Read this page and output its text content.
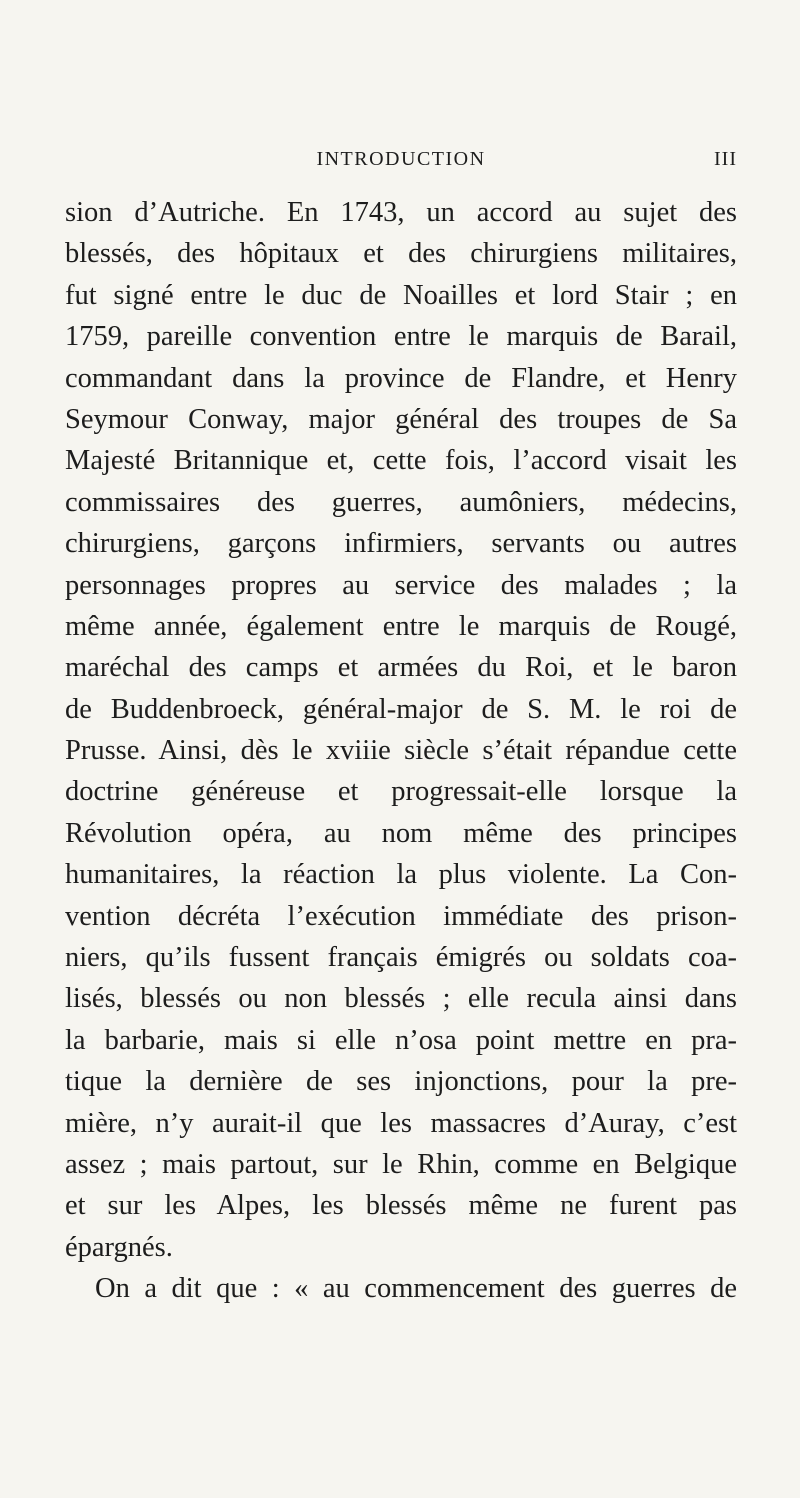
INTRODUCTION	III
sion d’Autriche. En 1743, un accord au sujet des
blessés, des hôpitaux et des chirurgiens militaires,
fut signé entre le duc de Noailles et lord Stair ; en
1759, pareille convention entre le marquis de Barail,
commandant dans la province de Flandre, et Henry
Seymour Conway, major général des troupes de Sa
Majesté Britannique et, cette fois, l’accord visait les
commissaires des guerres, aumôniers, médecins,
chirurgiens, garçons infirmiers, servants ou autres
personnages propres au service des malades ; la
même année, également entre le marquis de Rougé,
maréchal des camps et armées du Roi, et le baron
de Buddenbroeck, général-major de S. M. le roi de
Prusse. Ainsi, dès le xviiie siècle s’était répandue cette
doctrine généreuse et progressait-elle lorsque la
Révolution opéra, au nom même des principes
humanitaires, la réaction la plus violente. La Con-
vention décréta l’exécution immédiate des prison-
niers, qu’ils fussent français émigrés ou soldats coa-
lisés, blessés ou non blessés ; elle recula ainsi dans
la barbarie, mais si elle n’osa point mettre en pra-
tique la dernière de ses injonctions, pour la pre-
mière, n’y aurait-il que les massacres d’Auray, c’est
assez ; mais partout, sur le Rhin, comme en Belgique
et sur les Alpes, les blessés même ne furent pas
épargnés.
On a dit que : « au commencement des guerres de
